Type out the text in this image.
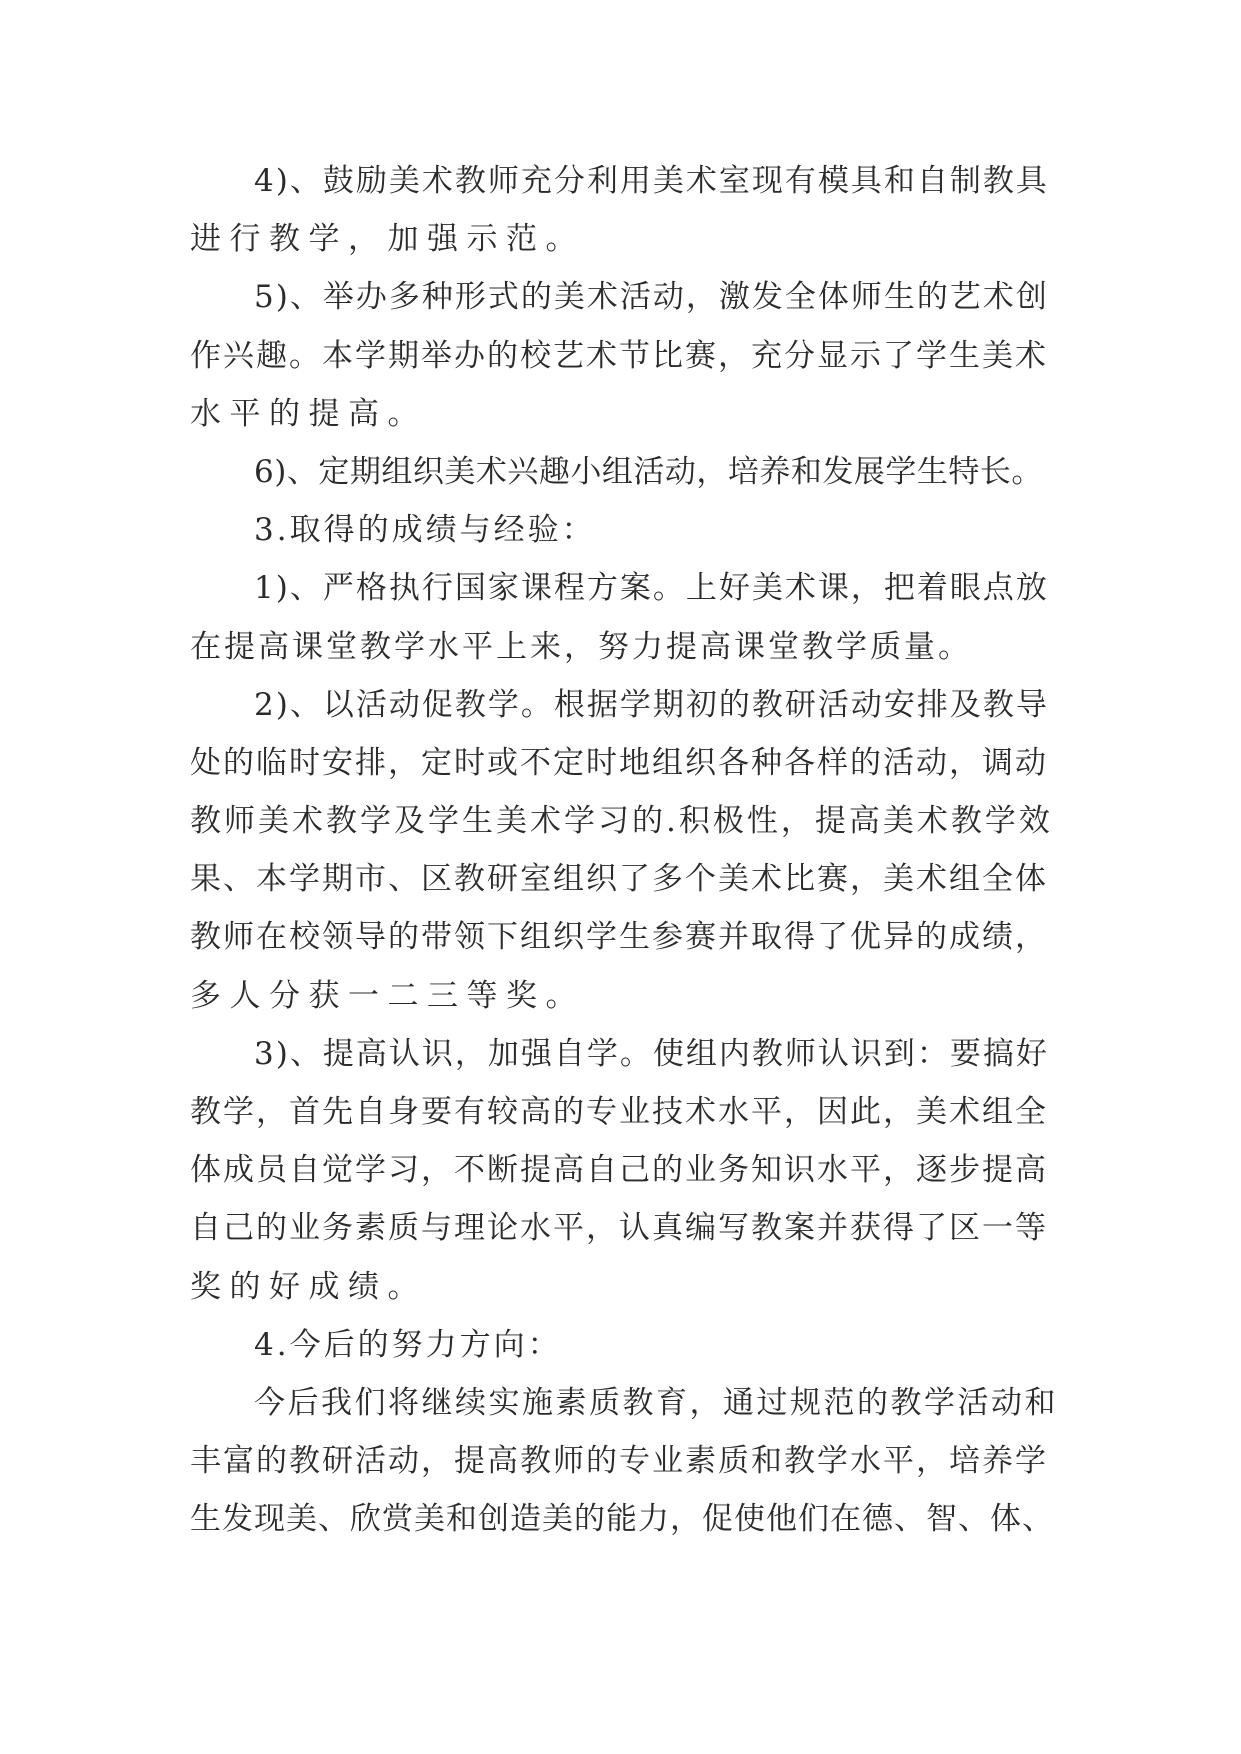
4)、鼓励美术教师充分利用美术室现有模具和自制教具
进行教学，加强示范。
5)、举办多种形式的美术活动，激发全体师生的艺术创
作兴趣。本学期举办的校艺术节比赛，充分显示了学生美术
水平的提高。
6)、定期组织美术兴趣小组活动，培养和发展学生特长。
3.取得的成绩与经验：
1)、严格执行国家课程方案。上好美术课，把着眼点放
在提高课堂教学水平上来，努力提高课堂教学质量。
2)、以活动促教学。根据学期初的教研活动安排及教导
处的临时安排，定时或不定时地组织各种各样的活动，调动
教师美术教学及学生美术学习的.积极性，提高美术教学效
果、本学期市、区教研室组织了多个美术比赛，美术组全体
教师在校领导的带领下组织学生参赛并取得了优异的成绩，
多人分获一二三等奖。
3)、提高认识，加强自学。使组内教师认识到：要搞好
教学，首先自身要有较高的专业技术水平，因此，美术组全
体成员自觉学习，不断提高自己的业务知识水平，逐步提高
自己的业务素质与理论水平，认真编写教案并获得了区一等
奖的好成绩。
4.今后的努力方向：
今后我们将继续实施素质教育，通过规范的教学活动和
丰富的教研活动，提高教师的专业素质和教学水平，培养学
生发现美、欣赏美和创造美的能力，促使他们在德、智、体、
